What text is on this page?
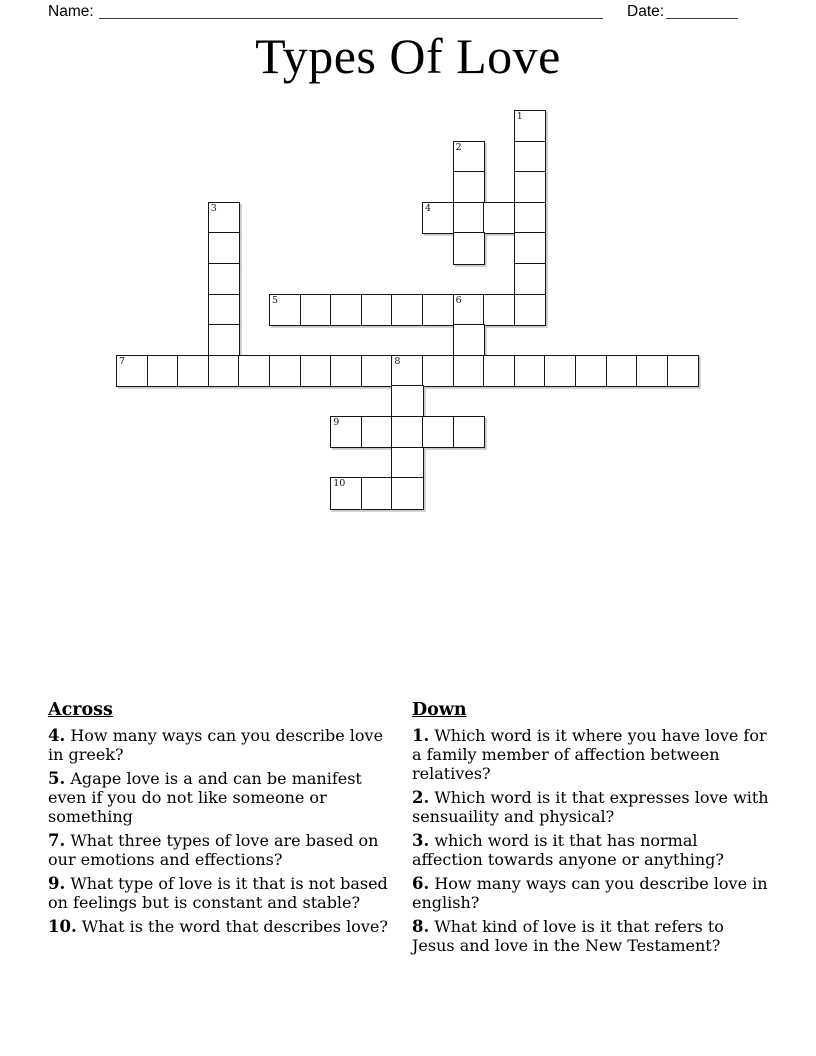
Name:	Date:
Types Of Love
1
2
3	4
5	6
7	8
9
10

Across

4. How many ways can you describe love in greek?

5. Agape love is a and can be manifest even if you do not like someone or something

7. What three types of love are based on our emotions and effections?

9. What type of love is it that is not based on feelings but is constant and stable?

10. What is the word that describes love?

Down

1. Which word is it where you have love for a family member of affection between relatives?

2. Which word is it that expresses love with sensuaility and physical?

3. which word is it that has normal affection towards anyone or anything?

6. How many ways can you describe love in english?

8. What kind of love is it that refers to Jesus and love in the New Testament?
